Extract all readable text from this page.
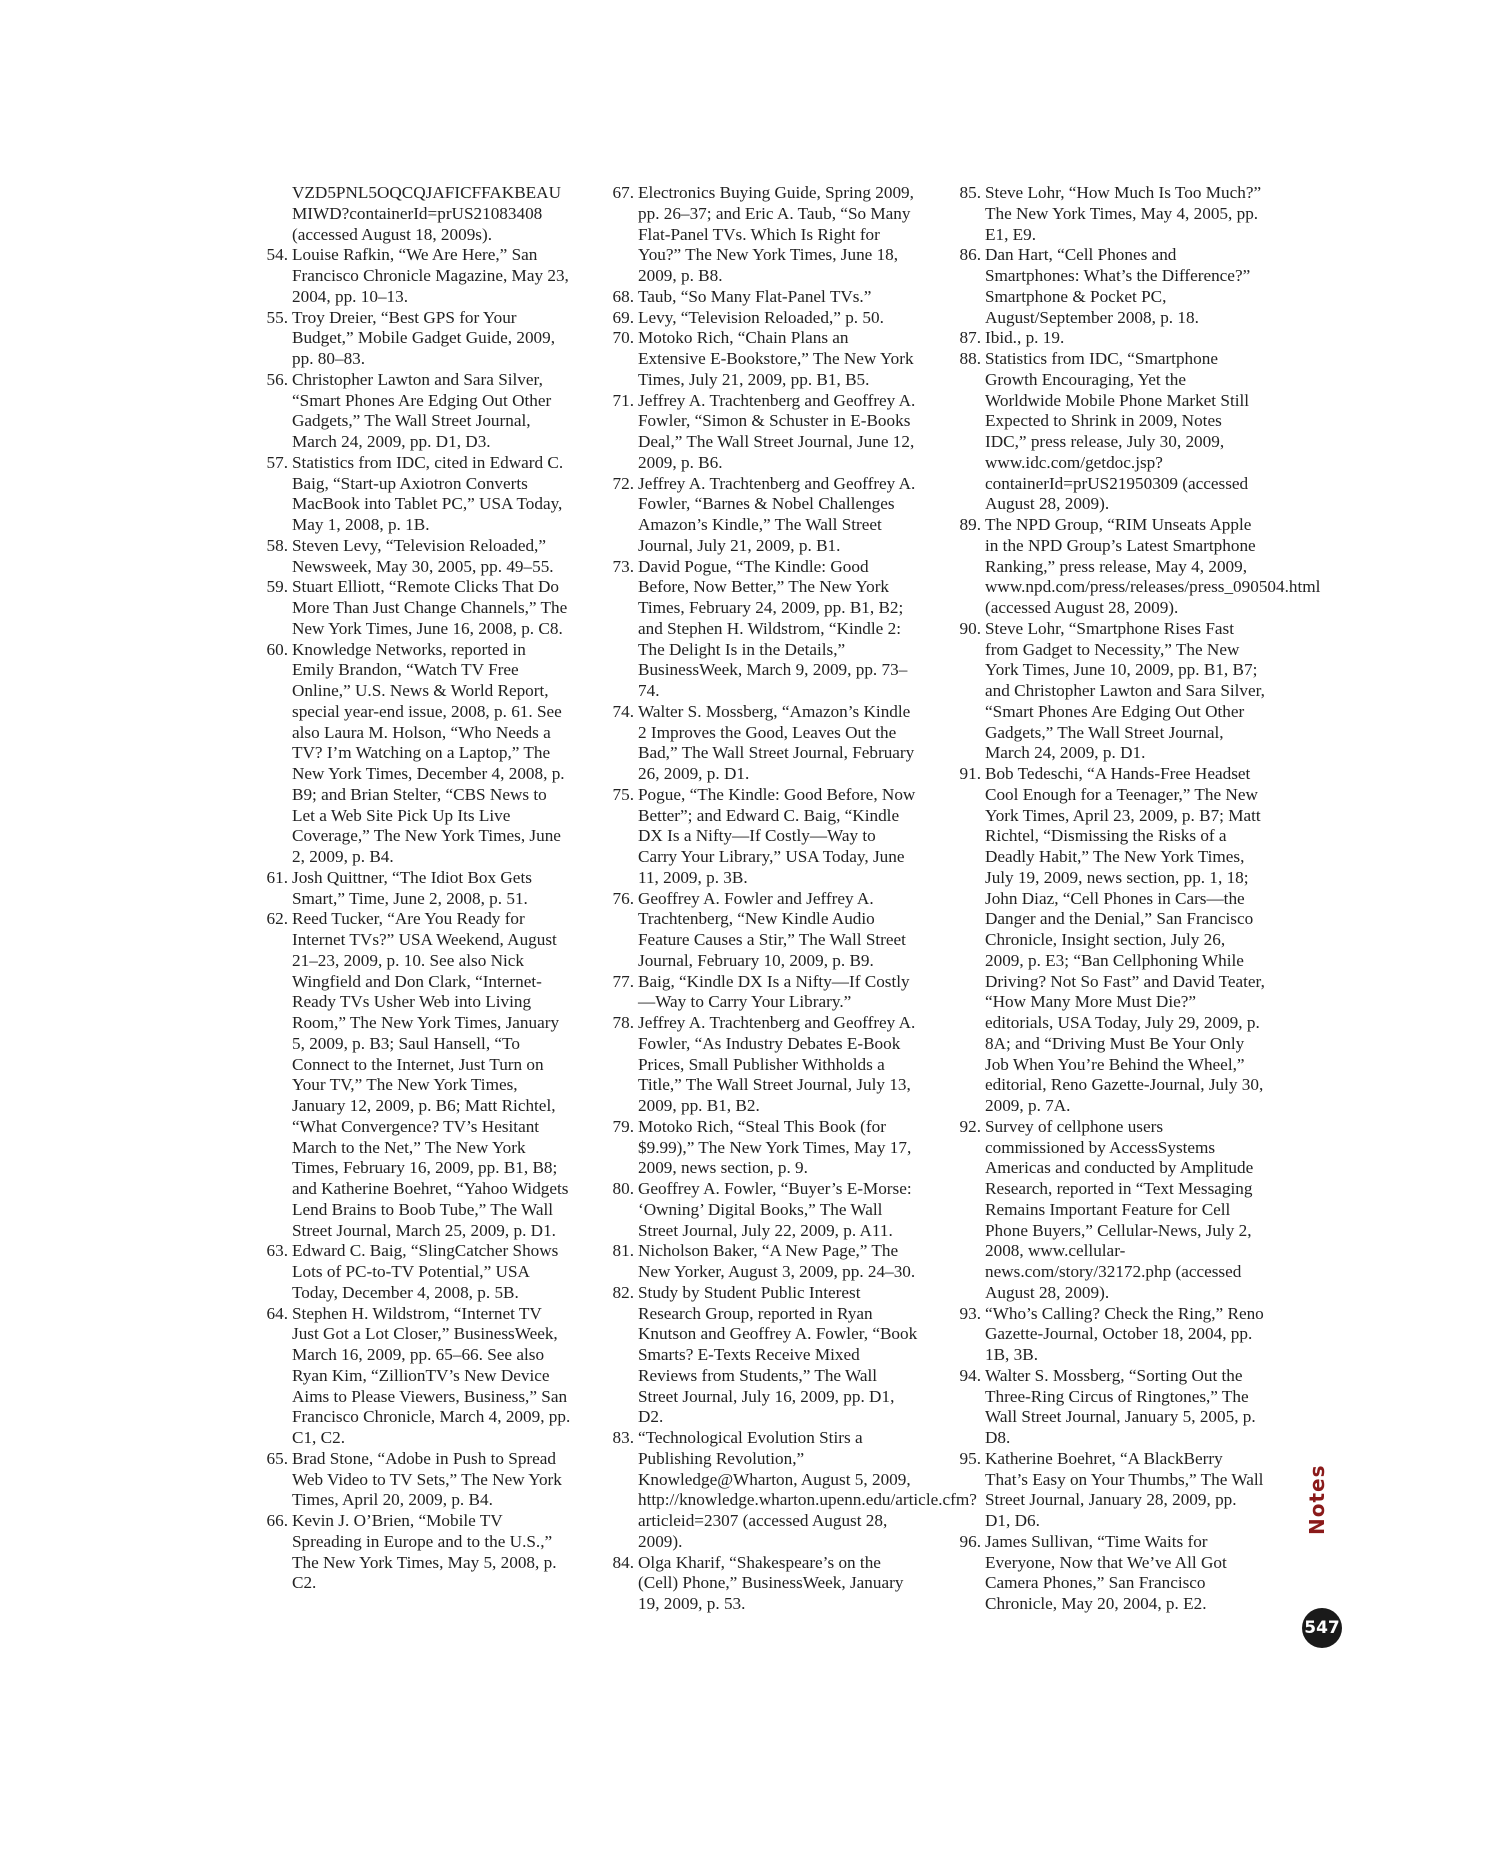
VZD5PNL5OQCQJAFICFFAKBEAU MIWD?containerId=prUS21083408 (accessed August 18, 2009s).
54. Louise Rafkin, “We Are Here,” San Francisco Chronicle Magazine, May 23, 2004, pp. 10–13.
55. Troy Dreier, “Best GPS for Your Budget,” Mobile Gadget Guide, 2009, pp. 80–83.
56. Christopher Lawton and Sara Silver, “Smart Phones Are Edging Out Other Gadgets,” The Wall Street Journal, March 24, 2009, pp. D1, D3.
57. Statistics from IDC, cited in Edward C. Baig, “Start-up Axiotron Converts MacBook into Tablet PC,” USA Today, May 1, 2008, p. 1B.
58. Steven Levy, “Television Reloaded,” Newsweek, May 30, 2005, pp. 49–55.
59. Stuart Elliott, “Remote Clicks That Do More Than Just Change Channels,” The New York Times, June 16, 2008, p. C8.
60. Knowledge Networks, reported in Emily Brandon, “Watch TV Free Online,” U.S. News & World Report, special year-end issue, 2008, p. 61. See also Laura M. Holson, “Who Needs a TV? I’m Watching on a Laptop,” The New York Times, December 4, 2008, p. B9; and Brian Stelter, “CBS News to Let a Web Site Pick Up Its Live Coverage,” The New York Times, June 2, 2009, p. B4.
61. Josh Quittner, “The Idiot Box Gets Smart,” Time, June 2, 2008, p. 51.
62. Reed Tucker, “Are You Ready for Internet TVs?” USA Weekend, August 21–23, 2009, p. 10. See also Nick Wingfield and Don Clark, “Internet-Ready TVs Usher Web into Living Room,” The New York Times, January 5, 2009, p. B3; Saul Hansell, “To Connect to the Internet, Just Turn on Your TV,” The New York Times, January 12, 2009, p. B6; Matt Richtel, “What Convergence? TV’s Hesitant March to the Net,” The New York Times, February 16, 2009, pp. B1, B8; and Katherine Boehret, “Yahoo Widgets Lend Brains to Boob Tube,” The Wall Street Journal, March 25, 2009, p. D1.
63. Edward C. Baig, “SlingCatcher Shows Lots of PC-to-TV Potential,” USA Today, December 4, 2008, p. 5B.
64. Stephen H. Wildstrom, “Internet TV Just Got a Lot Closer,” BusinessWeek, March 16, 2009, pp. 65–66. See also Ryan Kim, “ZillionTV’s New Device Aims to Please Viewers, Business,” San Francisco Chronicle, March 4, 2009, pp. C1, C2.
65. Brad Stone, “Adobe in Push to Spread Web Video to TV Sets,” The New York Times, April 20, 2009, p. B4.
66. Kevin J. O’Brien, “Mobile TV Spreading in Europe and to the U.S.,” The New York Times, May 5, 2008, p. C2.
67. Electronics Buying Guide, Spring 2009, pp. 26–37; and Eric A. Taub, “So Many Flat-Panel TVs. Which Is Right for You?” The New York Times, June 18, 2009, p. B8.
68. Taub, “So Many Flat-Panel TVs.”
69. Levy, “Television Reloaded,” p. 50.
70. Motoko Rich, “Chain Plans an Extensive E-Bookstore,” The New York Times, July 21, 2009, pp. B1, B5.
71. Jeffrey A. Trachtenberg and Geoffrey A. Fowler, “Simon & Schuster in E-Books Deal,” The Wall Street Journal, June 12, 2009, p. B6.
72. Jeffrey A. Trachtenberg and Geoffrey A. Fowler, “Barnes & Nobel Challenges Amazon’s Kindle,” The Wall Street Journal, July 21, 2009, p. B1.
73. David Pogue, “The Kindle: Good Before, Now Better,” The New York Times, February 24, 2009, pp. B1, B2; and Stephen H. Wildstrom, “Kindle 2: The Delight Is in the Details,” BusinessWeek, March 9, 2009, pp. 73–74.
74. Walter S. Mossberg, “Amazon’s Kindle 2 Improves the Good, Leaves Out the Bad,” The Wall Street Journal, February 26, 2009, p. D1.
75. Pogue, “The Kindle: Good Before, Now Better”; and Edward C. Baig, “Kindle DX Is a Nifty—If Costly—Way to Carry Your Library,” USA Today, June 11, 2009, p. 3B.
76. Geoffrey A. Fowler and Jeffrey A. Trachtenberg, “New Kindle Audio Feature Causes a Stir,” The Wall Street Journal, February 10, 2009, p. B9.
77. Baig, “Kindle DX Is a Nifty—If Costly—Way to Carry Your Library.”
78. Jeffrey A. Trachtenberg and Geoffrey A. Fowler, “As Industry Debates E-Book Prices, Small Publisher Withholds a Title,” The Wall Street Journal, July 13, 2009, pp. B1, B2.
79. Motoko Rich, “Steal This Book (for $9.99),” The New York Times, May 17, 2009, news section, p. 9.
80. Geoffrey A. Fowler, “Buyer’s E-Morse: ‘Owning’ Digital Books,” The Wall Street Journal, July 22, 2009, p. A11.
81. Nicholson Baker, “A New Page,” The New Yorker, August 3, 2009, pp. 24–30.
82. Study by Student Public Interest Research Group, reported in Ryan Knutson and Geoffrey A. Fowler, “Book Smarts? E-Texts Receive Mixed Reviews from Students,” The Wall Street Journal, July 16, 2009, pp. D1, D2.
83. “Technological Evolution Stirs a Publishing Revolution,” Knowledge@Wharton, August 5, 2009, http://knowledge.wharton.upenn.edu/article.cfm?articleid=2307 (accessed August 28, 2009).
84. Olga Kharif, “Shakespeare’s on the (Cell) Phone,” BusinessWeek, January 19, 2009, p. 53.
85. Steve Lohr, “How Much Is Too Much?” The New York Times, May 4, 2005, pp. E1, E9.
86. Dan Hart, “Cell Phones and Smartphones: What’s the Difference?” Smartphone & Pocket PC, August/September 2008, p. 18.
87. Ibid., p. 19.
88. Statistics from IDC, “Smartphone Growth Encouraging, Yet the Worldwide Mobile Phone Market Still Expected to Shrink in 2009, Notes IDC,” press release, July 30, 2009, www.idc.com/getdoc.jsp?containerId=prUS21950309 (accessed August 28, 2009).
89. The NPD Group, “RIM Unseats Apple in the NPD Group’s Latest Smartphone Ranking,” press release, May 4, 2009, www.npd.com/press/releases/press_090504.html (accessed August 28, 2009).
90. Steve Lohr, “Smartphone Rises Fast from Gadget to Necessity,” The New York Times, June 10, 2009, pp. B1, B7; and Christopher Lawton and Sara Silver, “Smart Phones Are Edging Out Other Gadgets,” The Wall Street Journal, March 24, 2009, p. D1.
91. Bob Tedeschi, “A Hands-Free Headset Cool Enough for a Teenager,” The New York Times, April 23, 2009, p. B7; Matt Richtel, “Dismissing the Risks of a Deadly Habit,” The New York Times, July 19, 2009, news section, pp. 1, 18; John Diaz, “Cell Phones in Cars—the Danger and the Denial,” San Francisco Chronicle, Insight section, July 26, 2009, p. E3; “Ban Cellphoning While Driving? Not So Fast” and David Teater, “How Many More Must Die?” editorials, USA Today, July 29, 2009, p. 8A; and “Driving Must Be Your Only Job When You’re Behind the Wheel,” editorial, Reno Gazette-Journal, July 30, 2009, p. 7A.
92. Survey of cellphone users commissioned by AccessSystems Americas and conducted by Amplitude Research, reported in “Text Messaging Remains Important Feature for Cell Phone Buyers,” Cellular-News, July 2, 2008, www.cellular-news.com/story/32172.php (accessed August 28, 2009).
93. “Who’s Calling? Check the Ring,” Reno Gazette-Journal, October 18, 2004, pp. 1B, 3B.
94. Walter S. Mossberg, “Sorting Out the Three-Ring Circus of Ringtones,” The Wall Street Journal, January 5, 2005, p. D8.
95. Katherine Boehret, “A BlackBerry That’s Easy on Your Thumbs,” The Wall Street Journal, January 28, 2009, pp. D1, D6.
96. James Sullivan, “Time Waits for Everyone, Now that We’ve All Got Camera Phones,” San Francisco Chronicle, May 20, 2004, p. E2.
Notes
547
